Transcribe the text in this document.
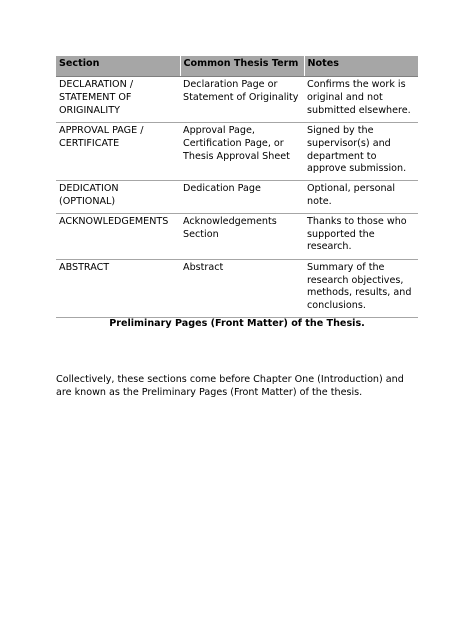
Section	Common Thesis Term	Notes
DECLARATION / STATEMENT OF ORIGINALITY	Declaration Page or Statement of Originality	Confirms the work is original and not submitted elsewhere.
APPROVAL PAGE / CERTIFICATE	Approval Page, Certification Page, or Thesis Approval Sheet	Signed by the supervisor(s) and department to approve submission.
DEDICATION (OPTIONAL)	Dedication Page	Optional, personal note.
ACKNOWLEDGEMENTS	Acknowledgements Section	Thanks to those who supported the research.
ABSTRACT	Abstract	Summary of the research objectives, methods, results, and conclusions.
Preliminary Pages (Front Matter) of the Thesis.
Collectively, these sections come before Chapter One (Introduction) and are known as the Preliminary Pages (Front Matter) of the thesis.
